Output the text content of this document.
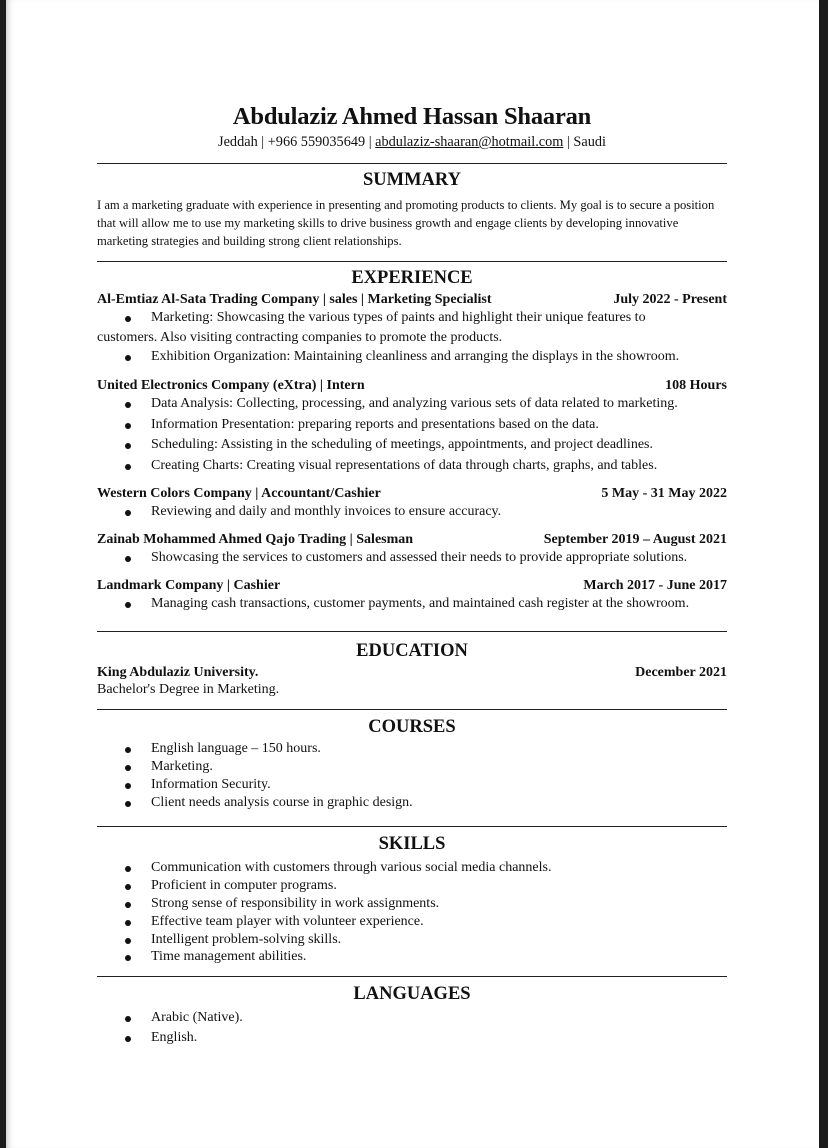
Abdulaziz Ahmed Hassan Shaaran
Jeddah | +966 559035649 | abdulaziz-shaaran@hotmail.com | Saudi
SUMMARY
I am a marketing graduate with experience in presenting and promoting products to clients. My goal is to secure a position that will allow me to use my marketing skills to drive business growth and engage clients by developing innovative marketing strategies and building strong client relationships.
EXPERIENCE
Al-Emtiaz Al-Sata Trading Company | sales | Marketing Specialist	July 2022 - Present
Marketing: Showcasing the various types of paints and highlight their unique features to
customers. Also visiting contracting companies to promote the products.
Exhibition Organization: Maintaining cleanliness and arranging the displays in the showroom.
United Electronics Company (eXtra) | Intern	108 Hours
Data Analysis: Collecting, processing, and analyzing various sets of data related to marketing.
Information Presentation: preparing reports and presentations based on the data.
Scheduling: Assisting in the scheduling of meetings, appointments, and project deadlines.
Creating Charts: Creating visual representations of data through charts, graphs, and tables.
Western Colors Company | Accountant/Cashier	5 May - 31 May 2022
Reviewing and daily and monthly invoices to ensure accuracy.
Zainab Mohammed Ahmed Qajo Trading | Salesman	September 2019 – August 2021
Showcasing the services to customers and assessed their needs to provide appropriate solutions.
Landmark Company | Cashier	March 2017 - June 2017
Managing cash transactions, customer payments, and maintained cash register at the showroom.
EDUCATION
King Abdulaziz University.	December 2021
Bachelor's Degree in Marketing.
COURSES
English language – 150 hours.
Marketing.
Information Security.
Client needs analysis course in graphic design.
SKILLS
Communication with customers through various social media channels.
Proficient in computer programs.
Strong sense of responsibility in work assignments.
Effective team player with volunteer experience.
Intelligent problem-solving skills.
Time management abilities.
LANGUAGES
Arabic (Native).
English.
